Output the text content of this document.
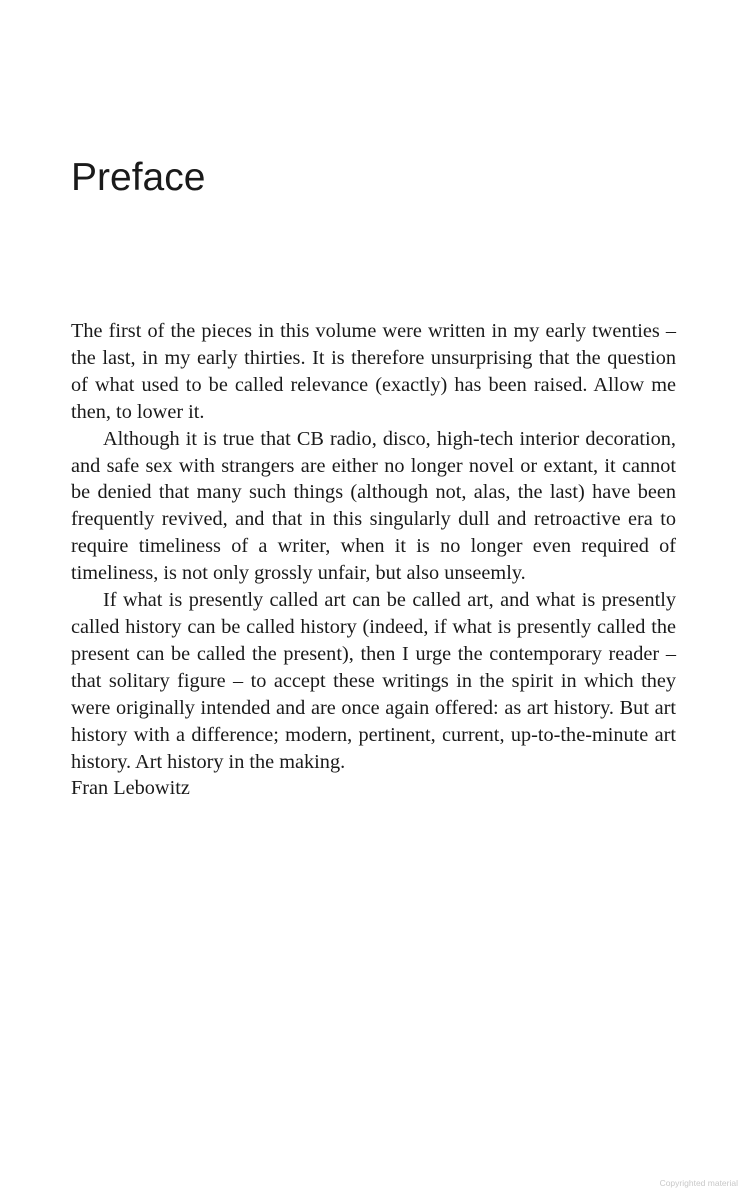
Preface

The first of the pieces in this volume were written in my early twenties – the last, in my early thirties. It is therefore unsurprising that the question of what used to be called relevance (exactly) has been raised. Allow me then, to lower it.

Although it is true that CB radio, disco, high-tech interior decoration, and safe sex with strangers are either no longer novel or extant, it cannot be denied that many such things (although not, alas, the last) have been frequently revived, and that in this singularly dull and retroactive era to require timeliness of a writer, when it is no longer even required of timeliness, is not only grossly unfair, but also unseemly.

If what is presently called art can be called art, and what is presently called history can be called history (indeed, if what is presently called the present can be called the present), then I urge the contemporary reader – that solitary figure – to accept these writings in the spirit in which they were originally intended and are once again offered: as art history. But art history with a difference; modern, pertinent, current, up-to-the-minute art history. Art history in the making.

Fran Lebowitz

Copyrighted material
